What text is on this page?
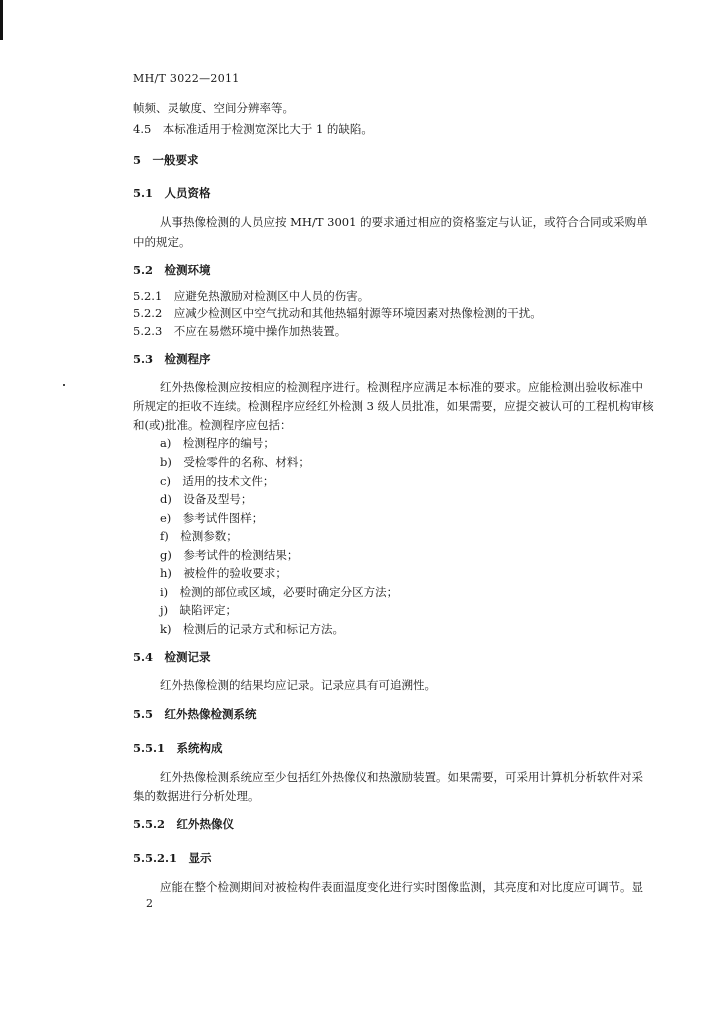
MH/T 3022—2011
帧频、灵敏度、空间分辨率等。
4.5　本标准适用于检测宽深比大于 1 的缺陷。
5　一般要求
5.1　人员资格
从事热像检测的人员应按 MH/T 3001 的要求通过相应的资格鉴定与认证，或符合合同或采购单
中的规定。
5.2　检测环境
5.2.1　应避免热激励对检测区中人员的伤害。
5.2.2　应减少检测区中空气扰动和其他热辐射源等环境因素对热像检测的干扰。
5.2.3　不应在易燃环境中操作加热装置。
5.3　检测程序
红外热像检测应按相应的检测程序进行。检测程序应满足本标准的要求。应能检测出验收标准中
所规定的拒收不连续。检测程序应经红外检测 3 级人员批准，如果需要，应提交被认可的工程机构审核
和(或)批准。检测程序应包括：
a)　检测程序的编号；
b)　受检零件的名称、材料；
c)　适用的技术文件；
d)　设备及型号；
e)　参考试件图样；
f)　检测参数；
g)　参考试件的检测结果；
h)　被检件的验收要求；
i)　检测的部位或区域，必要时确定分区方法；
j)　缺陷评定；
k)　检测后的记录方式和标记方法。
5.4　检测记录
红外热像检测的结果均应记录。记录应具有可追溯性。
5.5　红外热像检测系统
5.5.1　系统构成
红外热像检测系统应至少包括红外热像仪和热激励装置。如果需要，可采用计算机分析软件对采
集的数据进行分析处理。
5.5.2　红外热像仪
5.5.2.1　显示
应能在整个检测期间对被检构件表面温度变化进行实时图像监测，其亮度和对比度应可调节。显
2
